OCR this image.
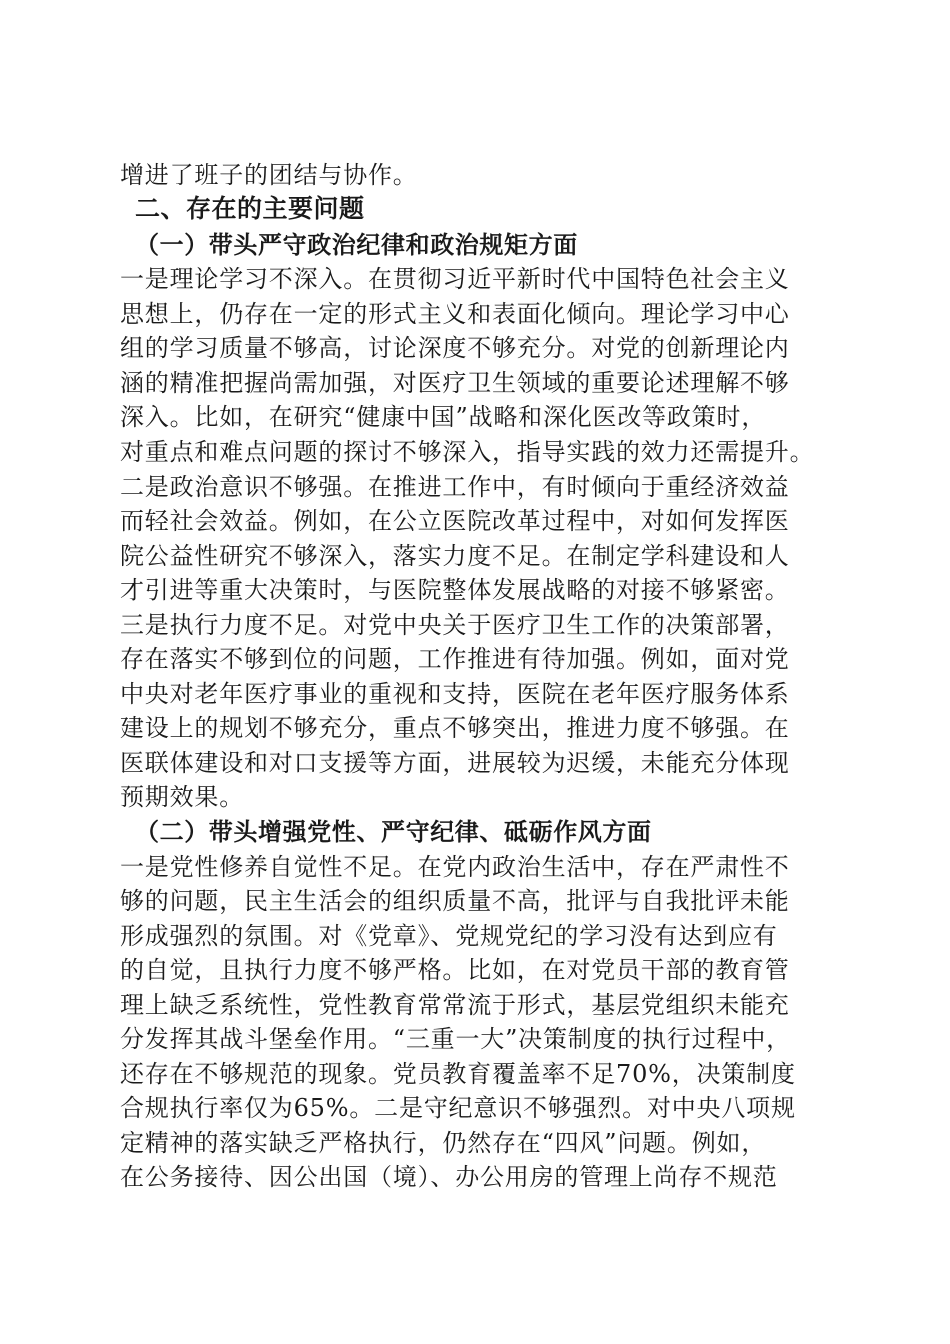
增进了班子的团结与协作。
二、存在的主要问题
（一）带头严守政治纪律和政治规矩方面
一是理论学习不深入。在贯彻习近平新时代中国特色社会主义
思想上，仍存在一定的形式主义和表面化倾向。理论学习中心
组的学习质量不够高，讨论深度不够充分。对党的创新理论内
涵的精准把握尚需加强，对医疗卫生领域的重要论述理解不够
深入。比如，在研究“健康中国”战略和深化医改等政策时，
对重点和难点问题的探讨不够深入，指导实践的效力还需提升。
二是政治意识不够强。在推进工作中，有时倾向于重经济效益
而轻社会效益。例如，在公立医院改革过程中，对如何发挥医
院公益性研究不够深入，落实力度不足。在制定学科建设和人
才引进等重大决策时，与医院整体发展战略的对接不够紧密。
三是执行力度不足。对党中央关于医疗卫生工作的决策部署，
存在落实不够到位的问题，工作推进有待加强。例如，面对党
中央对老年医疗事业的重视和支持，医院在老年医疗服务体系
建设上的规划不够充分，重点不够突出，推进力度不够强。在
医联体建设和对口支援等方面，进展较为迟缓，未能充分体现
预期效果。
（二）带头增强党性、严守纪律、砥砺作风方面
一是党性修养自觉性不足。在党内政治生活中，存在严肃性不
够的问题，民主生活会的组织质量不高，批评与自我批评未能
形成强烈的氛围。对《党章》、党规党纪的学习没有达到应有
的自觉，且执行力度不够严格。比如，在对党员干部的教育管
理上缺乏系统性，党性教育常常流于形式，基层党组织未能充
分发挥其战斗堡垒作用。“三重一大”决策制度的执行过程中，
还存在不够规范的现象。党员教育覆盖率不足70%，决策制度
合规执行率仅为65%。二是守纪意识不够强烈。对中央八项规
定精神的落实缺乏严格执行，仍然存在“四风”问题。例如，
在公务接待、因公出国（境）、办公用房的管理上尚存不规范
